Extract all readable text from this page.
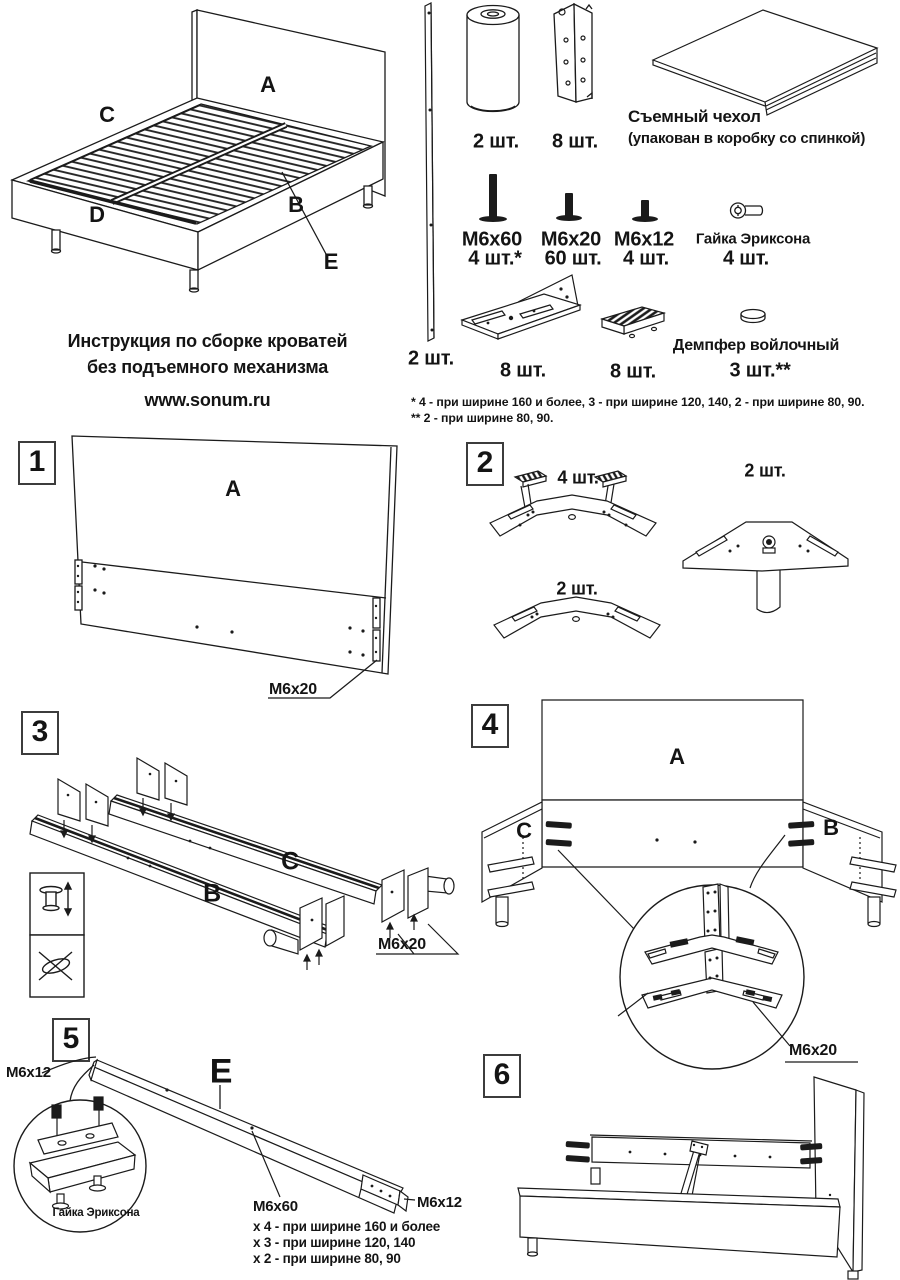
A
C
D	B
E
Инструкция по сборке кроватей
без подъемного механизма
www.sonum.ru
2 шт.
2 шт. 8 шт.
Съемный чехол
(упакован в коробку со спинкой)
М6х60
4 шт.*
М6х20
60 шт.
М6х12
4 шт.
Гайка Эриксона
4 шт.
8 шт.	8 шт.
Демпфер войлочный
3 шт.**
* 4 - при ширине 160 и более, 3 - при ширине 120, 140, 2 - при ширине 80, 90.
** 2 - при ширине 80, 90.
1
A
M6x20
2	4 шт.
2 шт.
2 шт.
3
C
B
M6x20
4
A
C	B
M6x20
5
E
M6x12
Гайка Эриксона	M6x60
x 4 - при ширине 160 и более
x 3 - при ширине 120, 140
x 2 - при ширине 80, 90
M6x12
6
